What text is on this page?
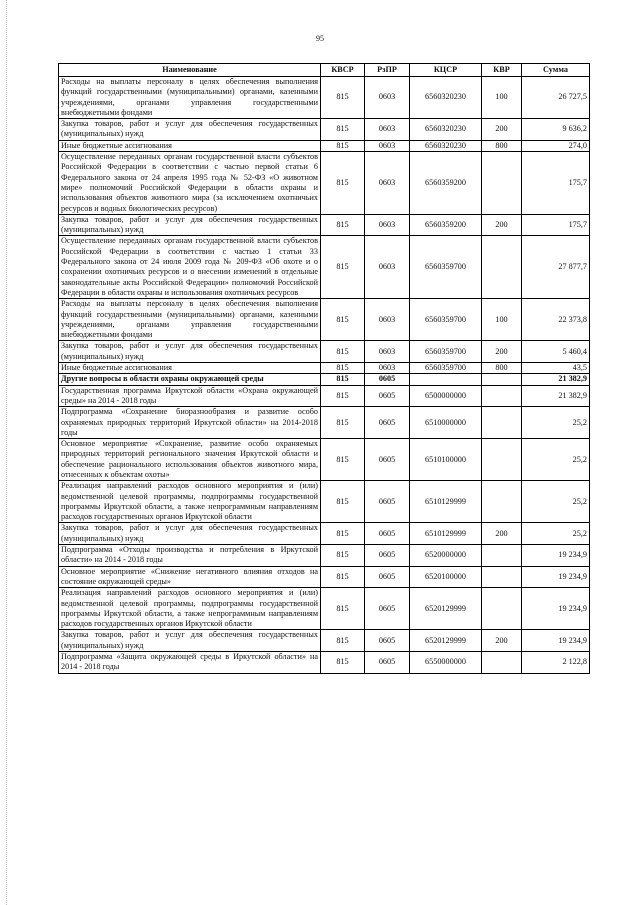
95
Наименование	КВСР	РзПР	КЦСР	КВР	Сумма
Расходы на выплаты персоналу в целях обеспечения выполнения функций государственными (муниципальными) органами, казенными учреждениями, органами управления государственными внебюджетными фондами	815	0603	6560320230	100	26 727,5
Закупка товаров, работ и услуг для обеспечения государственных (муниципальных) нужд	815	0603	6560320230	200	9 636,2
Иные бюджетные ассигнования	815	0603	6560320230	800	274,0
Осуществление переданных органам государственной власти субъектов Российской Федерации в соответствии с частью первой статьи 6 Федерального закона от 24 апреля 1995 года № 52-ФЗ «О животном мире» полномочий Российской Федерации в области охраны и использования объектов животного мира (за исключением охотничьих ресурсов и водных биологических ресурсов)	815	0603	6560359200		175,7
Закупка товаров, работ и услуг для обеспечения государственных (муниципальных) нужд	815	0603	6560359200	200	175,7
Осуществление переданных органам государственной власти субъектов Российской Федерации в соответствии с частью 1 статьи 33 Федерального закона от 24 июля 2009 года № 209-ФЗ «Об охоте и о сохранении охотничьих ресурсов и о внесении изменений в отдельные законодательные акты Российской Федерации» полномочий Российской Федерации в области охраны и использования охотничьих ресурсов	815	0603	6560359700		27 877,7
Расходы на выплаты персоналу в целях обеспечения выполнения функций государственными (муниципальными) органами, казенными учреждениями, органами управления государственными внебюджетными фондами	815	0603	6560359700	100	22 373,8
Закупка товаров, работ и услуг для обеспечения государственных (муниципальных) нужд	815	0603	6560359700	200	5 460,4
Иные бюджетные ассигнования	815	0603	6560359700	800	43,5
Другие вопросы в области охраны окружающей среды	815	0605			21 382,9
Государственная программа Иркутской области «Охрана окружающей среды» на 2014 - 2018 годы	815	0605	6500000000		21 382,9
Подпрограмма «Сохранение биоразнообразия и развитие особо охраняемых природных территорий Иркутской области» на 2014-2018 годы	815	0605	6510000000		25,2
Основное мероприятие «Сохранение, развитие особо охраняемых природных территорий регионального значения Иркутской области и обеспечение рационального использования объектов животного мира, отнесенных к объектам охоты»	815	0605	6510100000		25,2
Реализация направлений расходов основного мероприятия и (или) ведомственной целевой программы, подпрограммы государственной программы Иркутской области, а также непрограммным направлениям расходов государственных органов Иркутской области	815	0605	6510129999		25,2
Закупка товаров, работ и услуг для обеспечения государственных (муниципальных) нужд	815	0605	6510129999	200	25,2
Подпрограмма «Отходы производства и потребления в Иркутской области» на 2014 - 2018 годы	815	0605	6520000000		19 234,9
Основное мероприятие «Снижение негативного влияния отходов на состояние окружающей среды»	815	0605	6520100000		19 234,9
Реализация направлений расходов основного мероприятия и (или) ведомственной целевой программы, подпрограммы государственной программы Иркутской области, а также непрограммным направлениям расходов государственных органов Иркутской области	815	0605	6520129999		19 234,9
Закупка товаров, работ и услуг для обеспечения государственных (муниципальных) нужд	815	0605	6520129999	200	19 234,9
Подпрограмма «Защита окружающей среды в Иркутской области» на 2014 - 2018 годы	815	0605	6550000000		2 122,8
